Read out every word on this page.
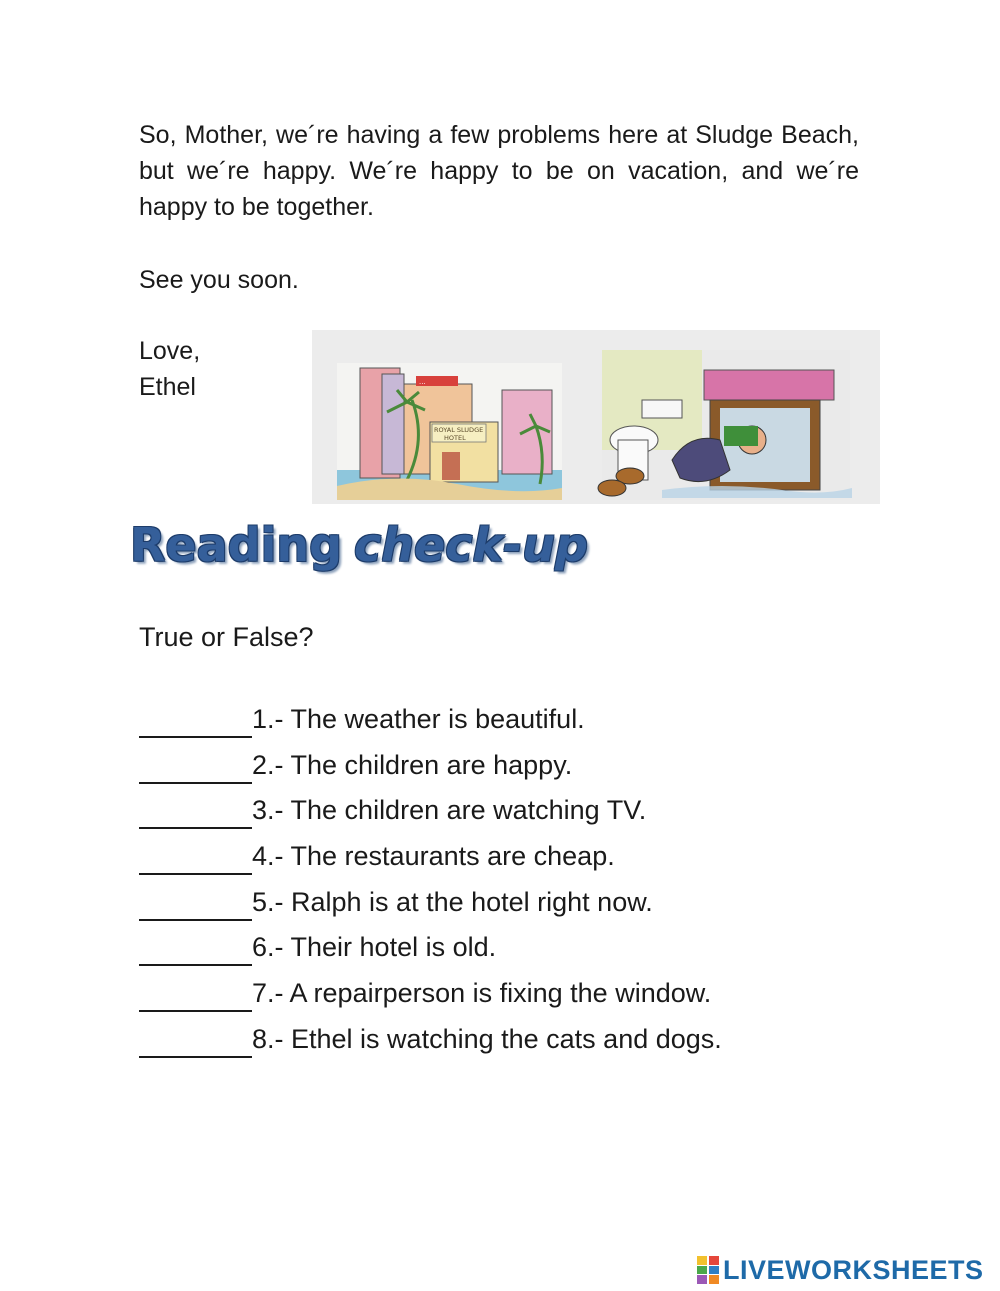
So, Mother, we´re having a few problems here at Sludge Beach, but we´re happy. We´re happy to be on vacation, and we´re happy to be together.
See you soon.
Love,
Ethel	...
ROYAL SLUDGE
HOTEL
Reading check-up
True or False?
1.- The weather is beautiful.
2.- The children are happy.
3.- The children are watching TV.
4.- The restaurants are cheap.
5.- Ralph is at the hotel right now.
6.- Their hotel is old.
7.- A repairperson is fixing the window.
8.- Ethel is watching the cats and dogs.
LIVEWORKSHEETS
